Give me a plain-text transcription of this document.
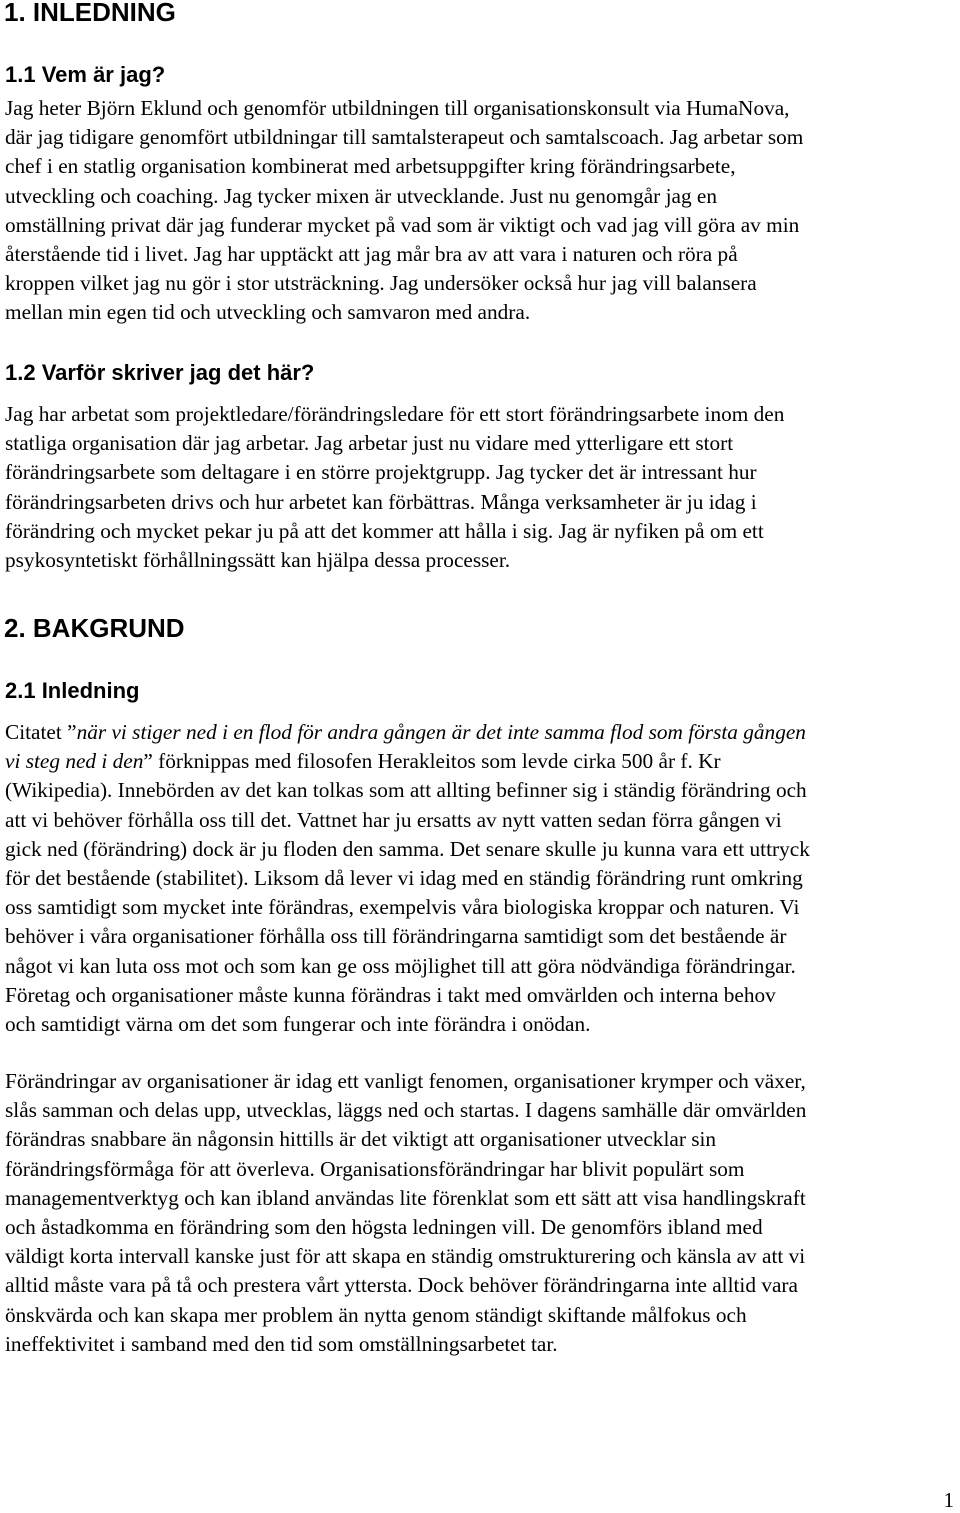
1. INLEDNING
1.1 Vem är jag?
Jag heter Björn Eklund och genomför utbildningen till organisationskonsult via HumaNova,
där jag tidigare genomfört utbildningar till samtalsterapeut och samtalscoach. Jag arbetar som
chef i en statlig organisation kombinerat med arbetsuppgifter kring förändringsarbete,
utveckling och coaching. Jag tycker mixen är utvecklande. Just nu genomgår jag en
omställning privat där jag funderar mycket på vad som är viktigt och vad jag vill göra av min
återstående tid i livet. Jag har upptäckt att jag mår bra av att vara i naturen och röra på
kroppen vilket jag nu gör i stor utsträckning. Jag undersöker också hur jag vill balansera
mellan min egen tid och utveckling och samvaron med andra.
1.2 Varför skriver jag det här?
Jag har arbetat som projektledare/förändringsledare för ett stort förändringsarbete inom den
statliga organisation där jag arbetar. Jag arbetar just nu vidare med ytterligare ett stort
förändringsarbete som deltagare i en större projektgrupp. Jag tycker det är intressant hur
förändringsarbeten drivs och hur arbetet kan förbättras. Många verksamheter är ju idag i
förändring och mycket pekar ju på att det kommer att hålla i sig. Jag är nyfiken på om ett
psykosyntetiskt förhållningssätt kan hjälpa dessa processer.
2. BAKGRUND
2.1 Inledning
Citatet ”när vi stiger ned i en flod för andra gången är det inte samma flod som första gången
vi steg ned i den” förknippas med filosofen Herakleitos som levde cirka 500 år f. Kr
(Wikipedia). Innebörden av det kan tolkas som att allting befinner sig i ständig förändring och
att vi behöver förhålla oss till det. Vattnet har ju ersatts av nytt vatten sedan förra gången vi
gick ned (förändring) dock är ju floden den samma. Det senare skulle ju kunna vara ett uttryck
för det bestående (stabilitet). Liksom då lever vi idag med en ständig förändring runt omkring
oss samtidigt som mycket inte förändras, exempelvis våra biologiska kroppar och naturen. Vi
behöver i våra organisationer förhålla oss till förändringarna samtidigt som det bestående är
något vi kan luta oss mot och som kan ge oss möjlighet till att göra nödvändiga förändringar.
Företag och organisationer måste kunna förändras i takt med omvärlden och interna behov
och samtidigt värna om det som fungerar och inte förändra i onödan.
Förändringar av organisationer är idag ett vanligt fenomen, organisationer krymper och växer,
slås samman och delas upp, utvecklas, läggs ned och startas. I dagens samhälle där omvärlden
förändras snabbare än någonsin hittills är det viktigt att organisationer utvecklar sin
förändringsförmåga för att överleva. Organisationsförändringar har blivit populärt som
managementverktyg och kan ibland användas lite förenklat som ett sätt att visa handlingskraft
och åstadkomma en förändring som den högsta ledningen vill. De genomförs ibland med
väldigt korta intervall kanske just för att skapa en ständig omstrukturering och känsla av att vi
alltid måste vara på tå och prestera vårt yttersta. Dock behöver förändringarna inte alltid vara
önskvärda och kan skapa mer problem än nytta genom ständigt skiftande målfokus och
ineffektivitet i samband med den tid som omställningsarbetet tar.
1
